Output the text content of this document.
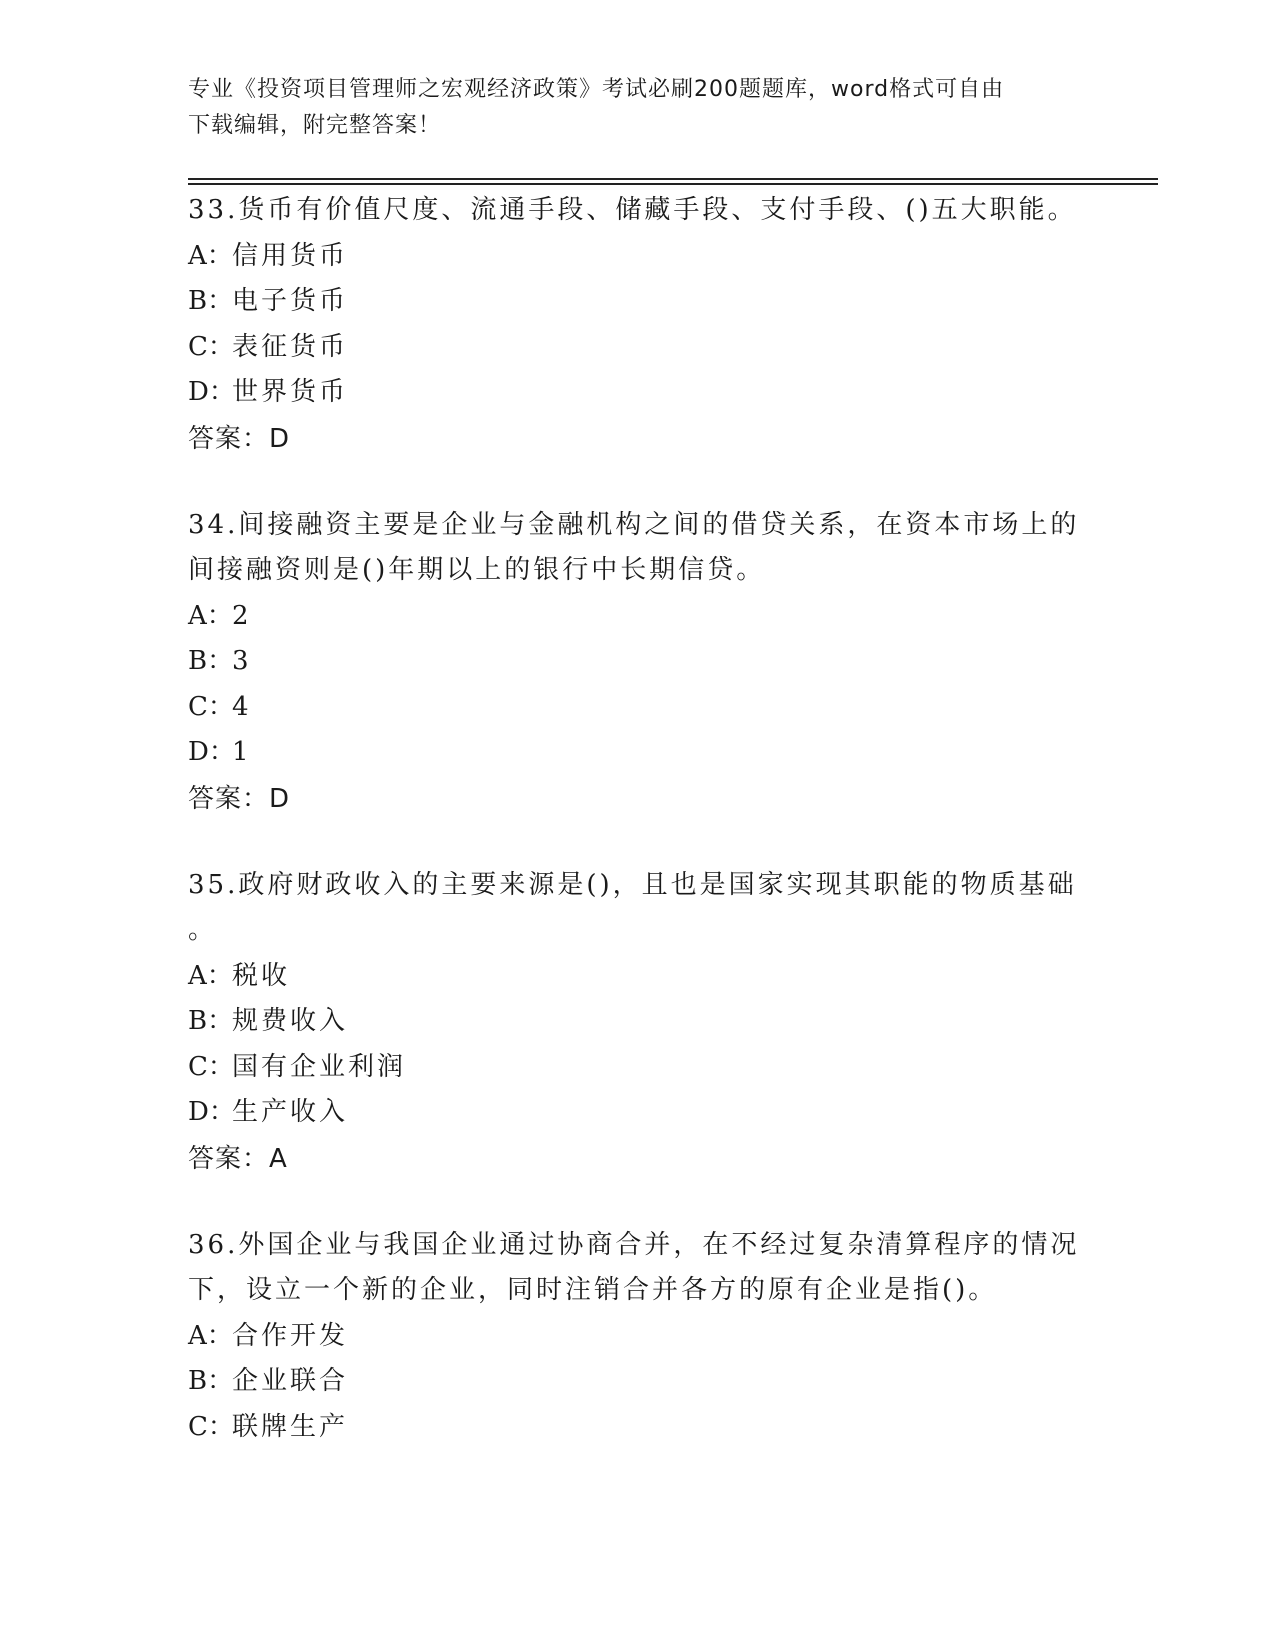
专业《投资项目管理师之宏观经济政策》考试必刷200题题库，word格式可自由
下载编辑，附完整答案！

33.货币有价值尺度、流通手段、储藏手段、支付手段、()五大职能。

A：信用货币
B：电子货币
C：表征货币
D：世界货币
答案：D

34.间接融资主要是企业与金融机构之间的借贷关系，在资本市场上的

间接融资则是()年期以上的银行中长期信贷。

A：2
B：3
C：4
D：1
答案：D

35.政府财政收入的主要来源是()，且也是国家实现其职能的物质基础

。

A：税收
B：规费收入
C：国有企业利润
D：生产收入
答案：A

36.外国企业与我国企业通过协商合并，在不经过复杂清算程序的情况

下，设立一个新的企业，同时注销合并各方的原有企业是指()。

A：合作开发
B：企业联合
C：联牌生产
